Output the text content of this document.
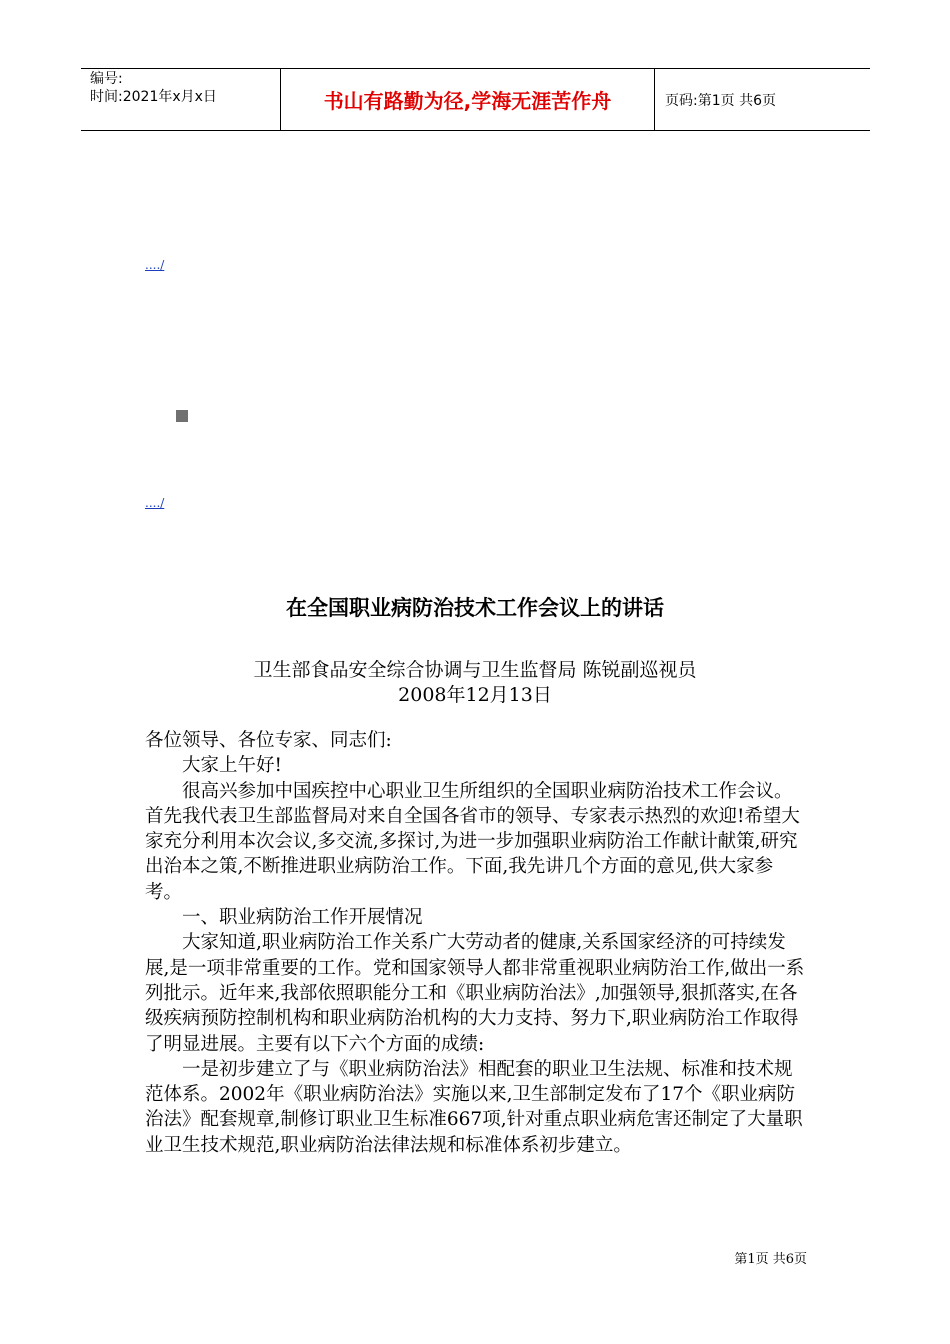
编号:
时间:2021年x月x日	书山有路勤为径,学海无涯苦作舟	页码:第1页 共6页
..../
..../
在全国职业病防治技术工作会议上的讲话
卫生部食品安全综合协调与卫生监督局 陈锐副巡视员
2008年12月13日

各位领导、各位专家、同志们:

大家上午好!

很高兴参加中国疾控中心职业卫生所组织的全国职业病防治技术工作会议。首先我代表卫生部监督局对来自全国各省市的领导、专家表示热烈的欢迎!希望大家充分利用本次会议,多交流,多探讨,为进一步加强职业病防治工作献计献策,研究出治本之策,不断推进职业病防治工作。下面,我先讲几个方面的意见,供大家参考。

一、职业病防治工作开展情况

大家知道,职业病防治工作关系广大劳动者的健康,关系国家经济的可持续发展,是一项非常重要的工作。党和国家领导人都非常重视职业病防治工作,做出一系列批示。近年来,我部依照职能分工和《职业病防治法》,加强领导,狠抓落实,在各级疾病预防控制机构和职业病防治机构的大力支持、努力下,职业病防治工作取得了明显进展。主要有以下六个方面的成绩:

一是初步建立了与《职业病防治法》相配套的职业卫生法规、标准和技术规范体系。2002年《职业病防治法》实施以来,卫生部制定发布了17个《职业病防治法》配套规章,制修订职业卫生标准667项,针对重点职业病危害还制定了大量职业卫生技术规范,职业病防治法律法规和标准体系初步建立。

第1页 共6页
